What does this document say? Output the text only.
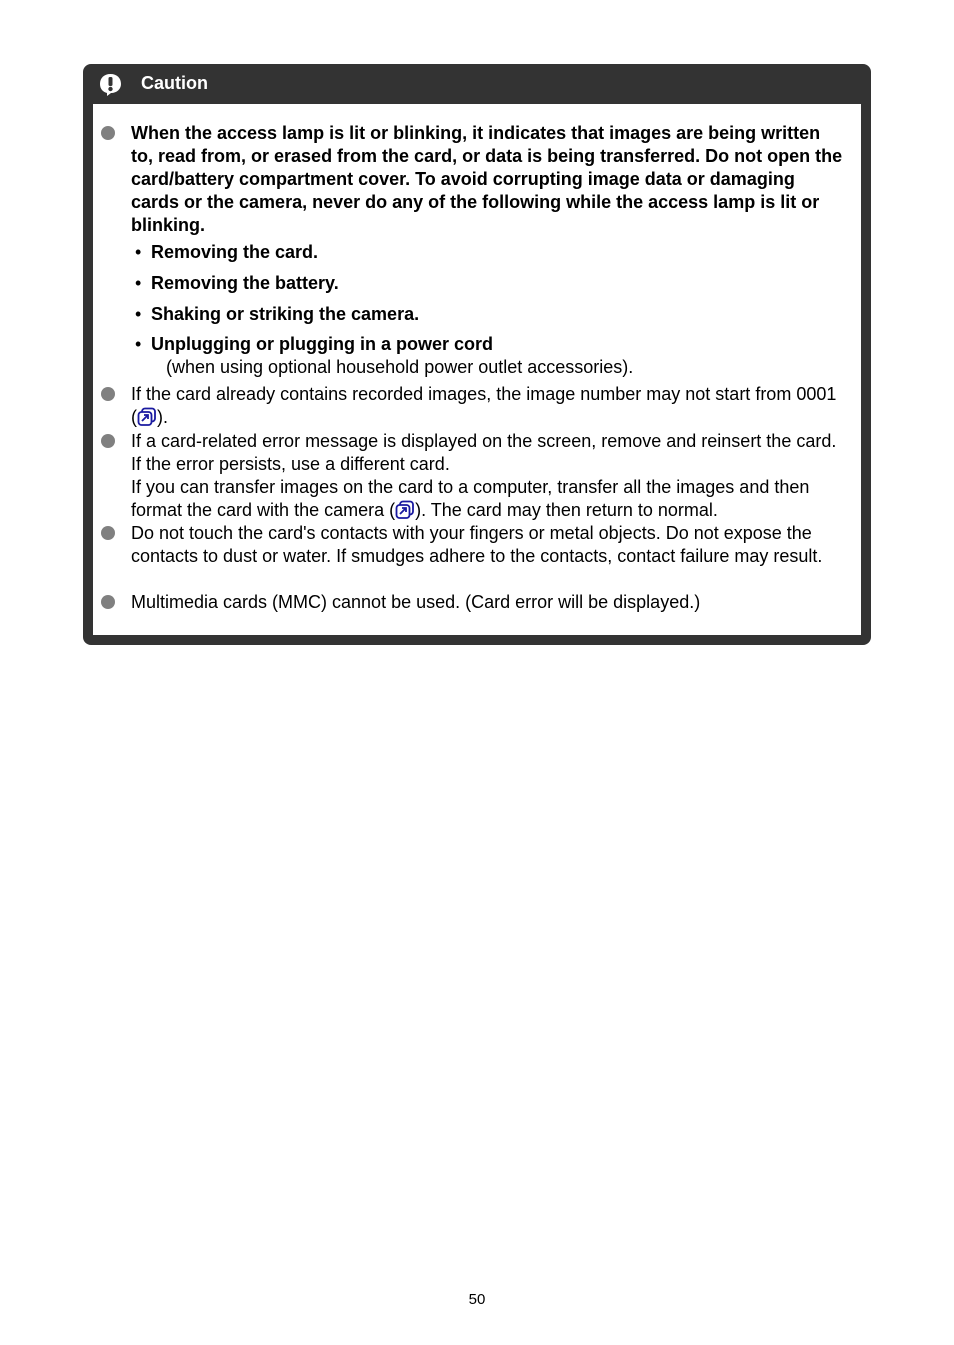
Caution
When the access lamp is lit or blinking, it indicates that images are being written to, read from, or erased from the card, or data is being transferred. Do not open the card/battery compartment cover. To avoid corrupting image data or damaging cards or the camera, never do any of the following while the access lamp is lit or blinking.
• Removing the card.
• Removing the battery.
• Shaking or striking the camera.
• Unplugging or plugging in a power cord
(when using optional household power outlet accessories).
If the card already contains recorded images, the image number may not start from 0001 ( ).
If a card-related error message is displayed on the screen, remove and reinsert the card. If the error persists, use a different card.
If you can transfer images on the card to a computer, transfer all the images and then format the card with the camera ( ). The card may then return to normal.
Do not touch the card's contacts with your fingers or metal objects. Do not expose the contacts to dust or water. If smudges adhere to the contacts, contact failure may result.
Multimedia cards (MMC) cannot be used. (Card error will be displayed.)
50
